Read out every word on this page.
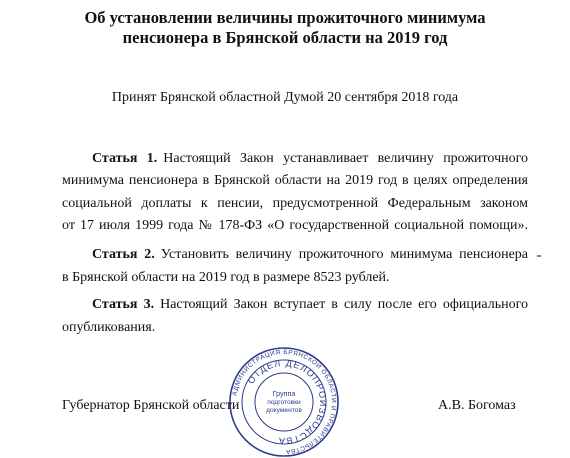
Об установлении величины прожиточного минимума
пенсионера в Брянской области на 2019 год
Принят Брянской областной Думой 20 сентября 2018 года
Статья 1. Настоящий Закон устанавливает величину прожиточного
минимума пенсионера в Брянской области на 2019 год в целях определения
социальной доплаты к пенсии, предусмотренной Федеральным законом
от 17 июля 1999 года № 178-ФЗ «О государственной социальной помощи».
Статья 2. Установить величину прожиточного минимума пенсионера
в Брянской области на 2019 год в размере 8523 рублей.
Статья 3. Настоящий Закон вступает в силу после его официального
опубликования.
АДМИНИСТРАЦИЯ БРЯНСКОЙ ОБЛАСТИ И ПРАВИТЕЛЬСТВА
ОТДЕЛ ДЕЛОПРОИЗВОДСТВА
Группа
подготовки
документов
Губернатор Брянской области	А.В. Богомаз
